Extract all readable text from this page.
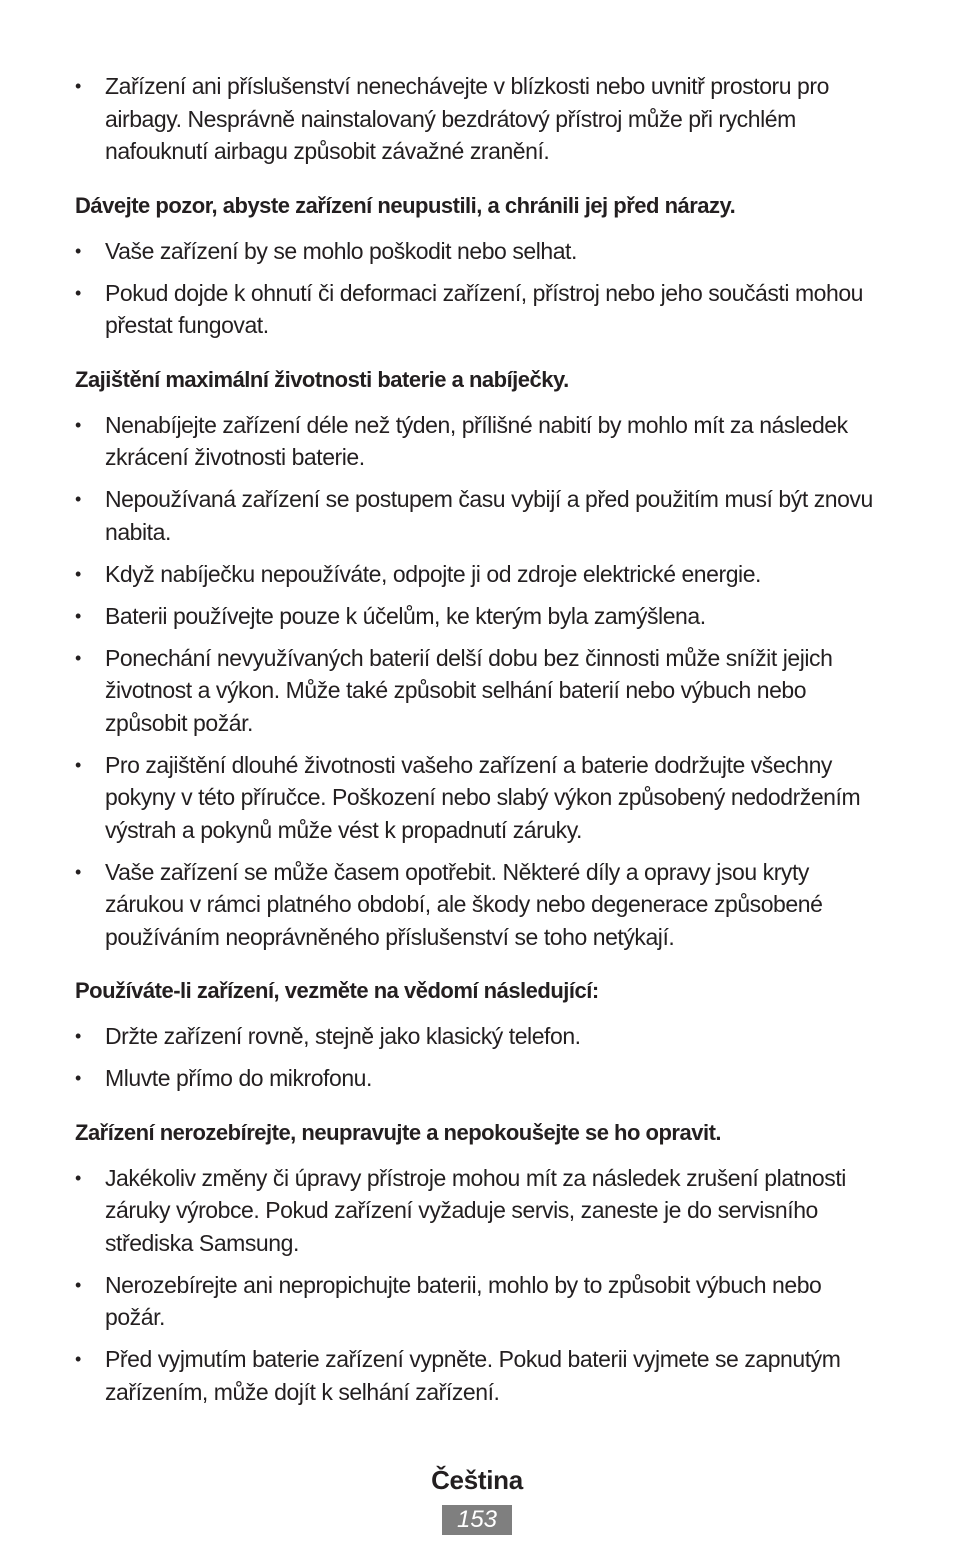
• Zařízení ani příslušenství nenechávejte v blízkosti nebo uvnitř prostoru pro airbagy. Nesprávně nainstalovaný bezdrátový přístroj může při rychlém nafouknutí airbagu způsobit závažné zranění.

Dávejte pozor, abyste zařízení neupustili, a chránili jej před nárazy.

• Vaše zařízení by se mohlo poškodit nebo selhat.
• Pokud dojde k ohnutí či deformaci zařízení, přístroj nebo jeho součásti mohou přestat fungovat.

Zajištění maximální životnosti baterie a nabíječky.

• Nenabíjejte zařízení déle než týden, přílišné nabití by mohlo mít za následek zkrácení životnosti baterie.
• Nepoužívaná zařízení se postupem času vybijí a před použitím musí být znovu nabita.
• Když nabíječku nepoužíváte, odpojte ji od zdroje elektrické energie.
• Baterii používejte pouze k účelům, ke kterým byla zamýšlena.
• Ponechání nevyužívaných baterií delší dobu bez činnosti může snížit jejich životnost a výkon. Může také způsobit selhání baterií nebo výbuch nebo způsobit požár.
• Pro zajištění dlouhé životnosti vašeho zařízení a baterie dodržujte všechny pokyny v této příručce. Poškození nebo slabý výkon způsobený nedodržením výstrah a pokynů může vést k propadnutí záruky.
• Vaše zařízení se může časem opotřebit. Některé díly a opravy jsou kryty zárukou v rámci platného období, ale škody nebo degenerace způsobené používáním neoprávněného příslušenství se toho netýkají.

Používáte-li zařízení, vezměte na vědomí následující:

• Držte zařízení rovně, stejně jako klasický telefon.
• Mluvte přímo do mikrofonu.

Zařízení nerozebírejte, neupravujte a nepokoušejte se ho opravit.

• Jakékoliv změny či úpravy přístroje mohou mít za následek zrušení platnosti záruky výrobce. Pokud zařízení vyžaduje servis, zaneste je do servisního střediska Samsung.
• Nerozebírejte ani nepropichujte baterii, mohlo by to způsobit výbuch nebo požár.
• Před vyjmutím baterie zařízení vypněte. Pokud baterii vyjmete se zapnutým zařízením, může dojít k selhání zařízení.
Čeština
153
